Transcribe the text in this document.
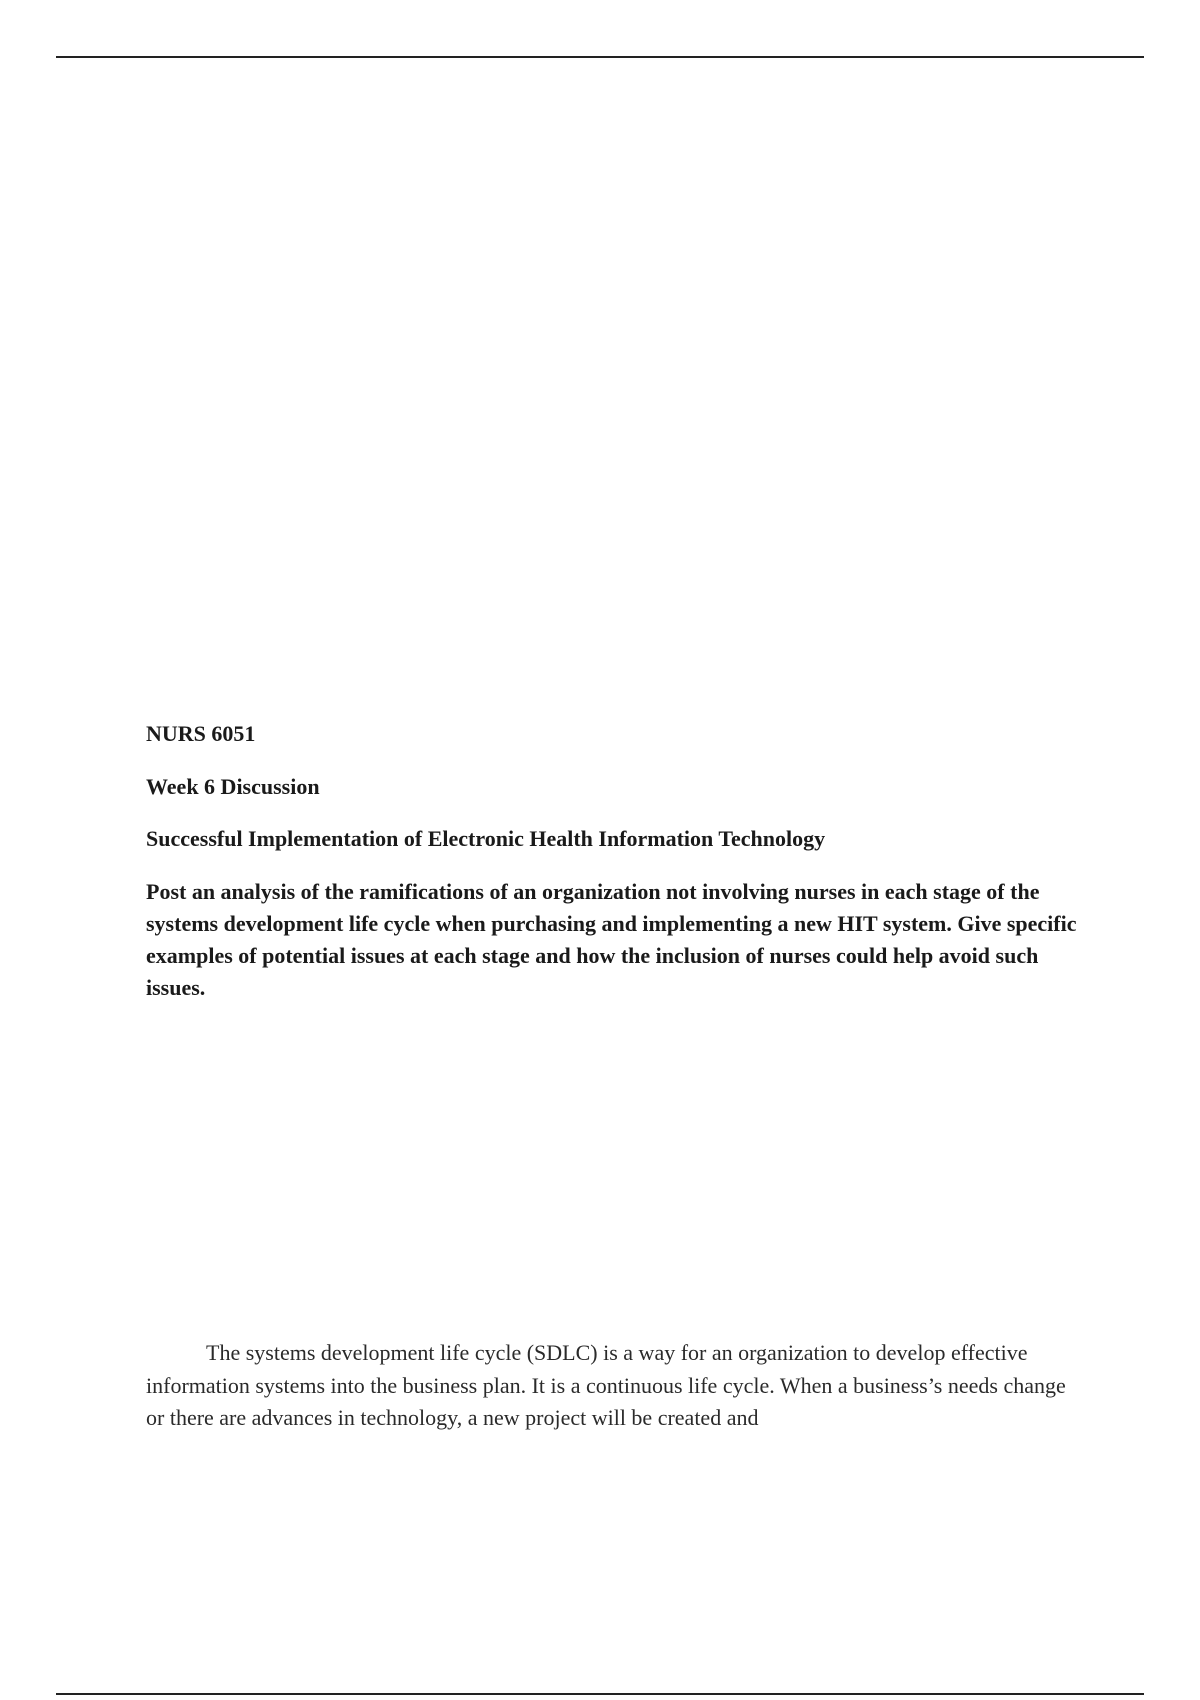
NURS 6051

Week 6 Discussion

Successful Implementation of Electronic Health Information Technology

Post an analysis of the ramifications of an organization not involving nurses in each stage of the systems development life cycle when purchasing and implementing a new HIT system. Give specific examples of potential issues at each stage and how the inclusion of nurses could help avoid such issues.

The systems development life cycle (SDLC) is a way for an organization to develop effective information systems into the business plan. It is a continuous life cycle. When a business’s needs change or there are advances in technology, a new project will be created and
